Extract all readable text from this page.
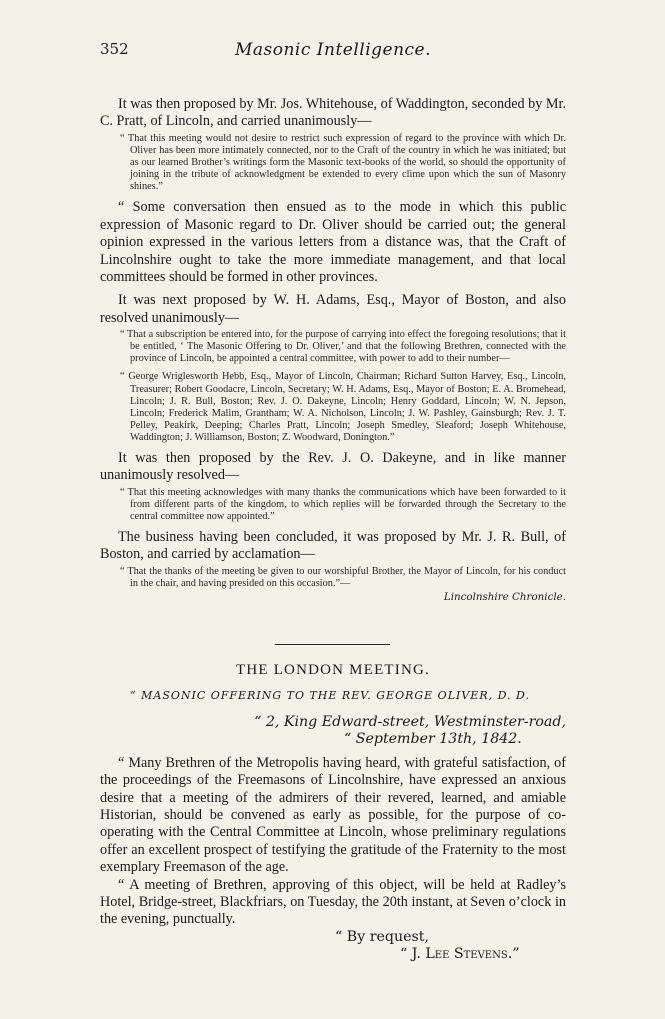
352	Masonic Intelligence.

It was then proposed by Mr. Jos. Whitehouse, of Waddington, seconded by Mr. C. Pratt, of Lincoln, and carried unanimously—

“ That this meeting would not desire to restrict such expression of regard to the province with which Dr. Oliver has been more intimately connected, nor to the Craft of the country in which he was initiated; but as our learned Brother’s writings form the Masonic text-books of the world, so should the opportunity of joining in the tribute of acknowledgment be extended to every clime upon which the sun of Masonry shines.”

“ Some conversation then ensued as to the mode in which this public expression of Masonic regard to Dr. Oliver should be carried out; the general opinion expressed in the various letters from a distance was, that the Craft of Lincolnshire ought to take the more immediate management, and that local committees should be formed in other provinces.

It was next proposed by W. H. Adams, Esq., Mayor of Boston, and also resolved unanimously—

“ That a subscription be entered into, for the purpose of carrying into effect the foregoing resolutions; that it be entitled, ‘ The Masonic Offering to Dr. Oliver,’ and that the following Brethren, connected with the province of Lincoln, be appointed a central committee, with power to add to their number—

“ George Wriglesworth Hebb, Esq., Mayor of Lincoln, Chairman; Richard Sutton Harvey, Esq., Lincoln, Treasurer; Robert Goodacre, Lincoln, Secretary; W. H. Adams, Esq., Mayor of Boston; E. A. Bromehead, Lincoln; J. R. Bull, Boston; Rev. J. O. Dakeyne, Lincoln; Henry Goddard, Lincoln; W. N. Jepson, Lincoln; Frederick Malim, Grantham; W. A. Nicholson, Lincoln; J. W. Pashley, Gainsburgh; Rev. J. T. Pelley, Peakirk, Deeping; Charles Pratt, Lincoln; Joseph Smedley, Sleaford; Joseph Whitehouse, Waddington; J. Williamson, Boston; Z. Woodward, Donington.”

It was then proposed by the Rev. J. O. Dakeyne, and in like manner unanimously resolved—

“ That this meeting acknowledges with many thanks the communications which have been forwarded to it from different parts of the kingdom, to which replies will be forwarded through the Secretary to the central committee now appointed.”

The business having been concluded, it was proposed by Mr. J. R. Bull, of Boston, and carried by acclamation—

“ That the thanks of the meeting be given to our worshipful Brother, the Mayor of Lincoln, for his conduct in the chair, and having presided on this occasion.”—

Lincolnshire Chronicle.
THE LONDON MEETING.
“ MASONIC OFFERING TO THE REV. GEORGE OLIVER, D. D.
“ 2, King Edward-street, Westminster-road,
“ September 13th, 1842.

“ Many Brethren of the Metropolis having heard, with grateful satisfaction, of the proceedings of the Freemasons of Lincolnshire, have expressed an anxious desire that a meeting of the admirers of their revered, learned, and amiable Historian, should be convened as early as possible, for the purpose of co-operating with the Central Committee at Lincoln, whose preliminary regulations offer an excellent prospect of testifying the gratitude of the Fraternity to the most exemplary Freemason of the age.

“ A meeting of Brethren, approving of this object, will be held at Radley’s Hotel, Bridge-street, Blackfriars, on Tuesday, the 20th instant, at Seven o’clock in the evening, punctually.

“ By request,
“ J. Lee Stevens.”
